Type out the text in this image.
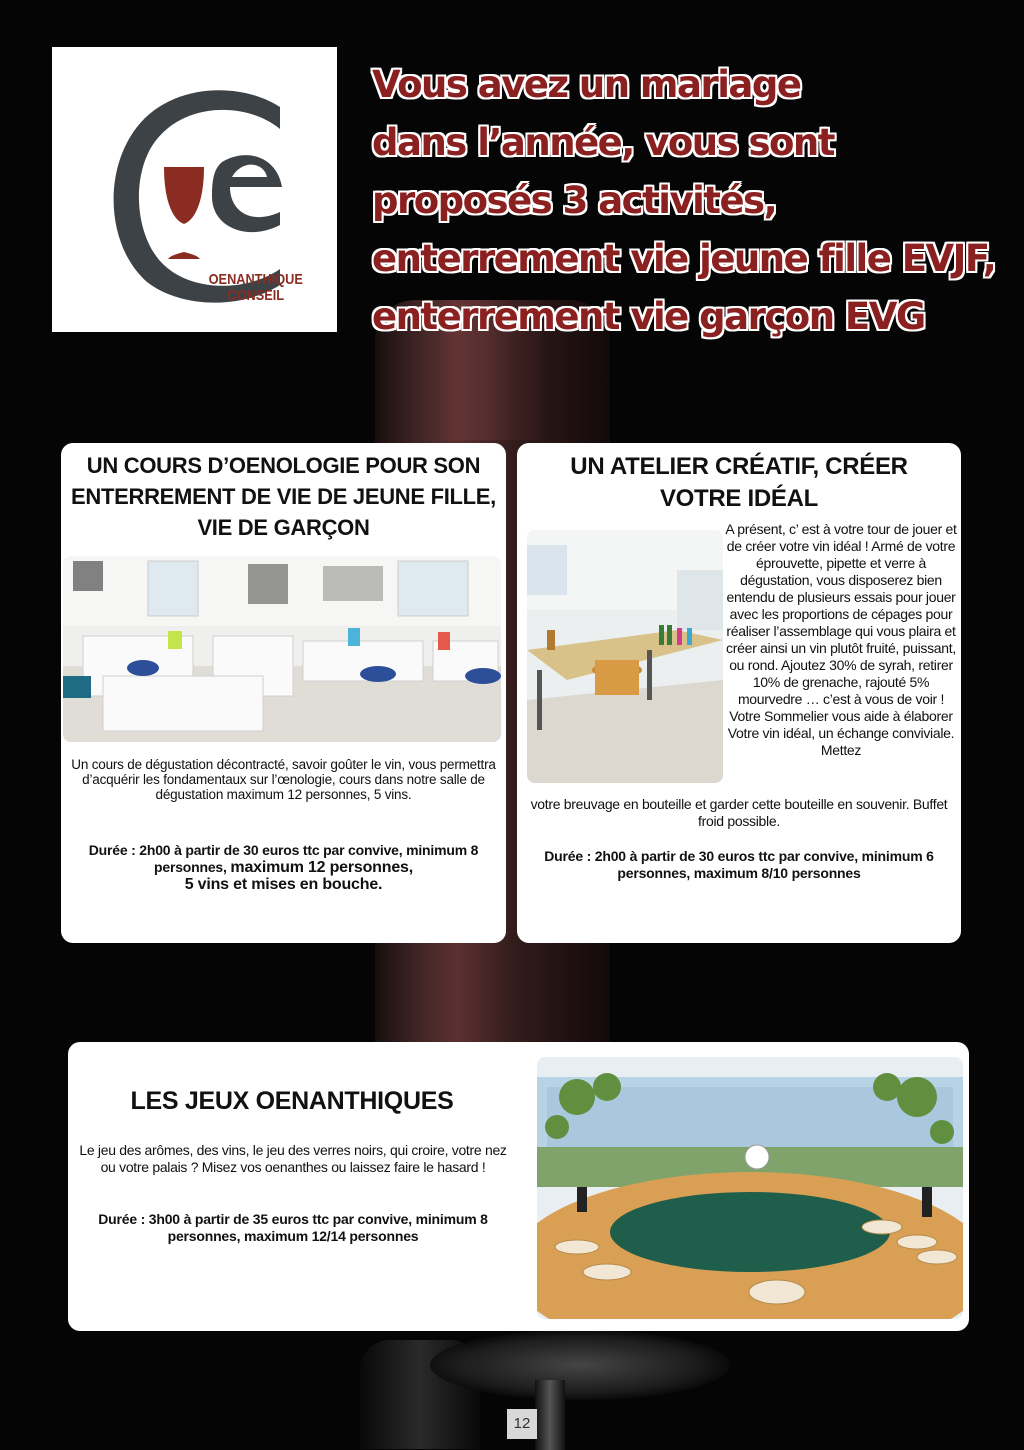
OENANTHIQUE
CONSEIL
Vous avez un mariage
dans l’année, vous sont
proposés 3 activités,
enterrement vie jeune fille EVJF,
enterrement vie garçon EVG
UN COURS D’OENOLOGIE POUR SON
ENTERREMENT DE VIE DE JEUNE FILLE,
VIE DE GARÇON
Un cours de dégustation décontracté, savoir goûter le vin, vous permettra d’acquérir les fondamentaux sur l’œnologie, cours dans notre salle de dégustation maximum 12 personnes, 5 vins.
Durée : 2h00 à partir de 30 euros ttc par convive, minimum 8 personnes, maximum 12 personnes,
5 vins et mises en bouche.
UN ATELIER CRÉATIF, CRÉER
VOTRE IDÉAL
A présent, c’ est à votre tour de jouer et de créer votre vin idéal ! Armé de votre éprouvette, pipette et verre à dégustation, vous disposerez bien entendu de plusieurs essais pour jouer avec les proportions de cépages pour réaliser l’assemblage qui vous plaira et créer ainsi un vin plutôt fruité, puissant, ou rond. Ajoutez 30% de syrah, retirer 10% de grenache, rajouté 5% mourvedre … c’est à vous de voir ! Votre Sommelier vous aide à élaborer Votre vin idéal, un échange conviviale. Mettez
votre breuvage en bouteille et garder cette bouteille en souvenir. Buffet froid possible.
Durée : 2h00 à partir de 30 euros ttc par convive, minimum 6 personnes, maximum 8/10 personnes
LES JEUX OENANTHIQUES
Le jeu des arômes, des vins, le jeu des verres noirs, qui croire, votre nez ou votre palais ? Misez vos oenanthes ou laissez faire le hasard !
Durée : 3h00 à partir de 35 euros ttc par convive, minimum 8 personnes, maximum 12/14 personnes
12
